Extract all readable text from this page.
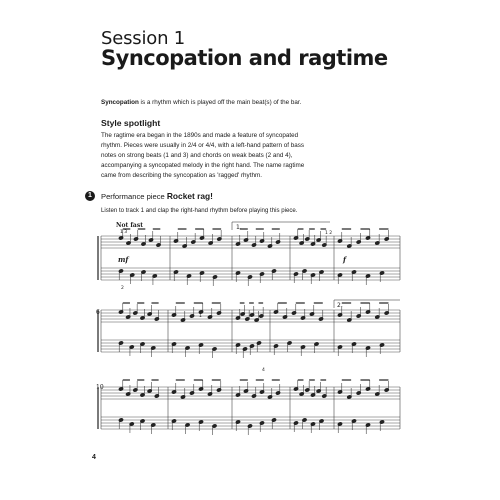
Session 1
Syncopation and ragtime
Syncopation is a rhythm which is played off the main beat(s) of the bar.
Style spotlight
The ragtime era began in the 1890s and made a feature of syncopated
rhythm. Pieces were usually in 2/4 or 4/4, with a left-hand pattern of bass
notes on strong beats (1 and 3) and chords on weak beats (2 and 4),
accompanying a syncopated melody in the right hand. The name ragtime
came from describing the syncopation as 'ragged' rhythm.
1	Performance piece Rocket rag!
Listen to track 1 and clap the right-hand rhythm before playing this piece.
Not fast
mf	f
1.
2.
6
10
1 3
2
1
4
1 2
4
